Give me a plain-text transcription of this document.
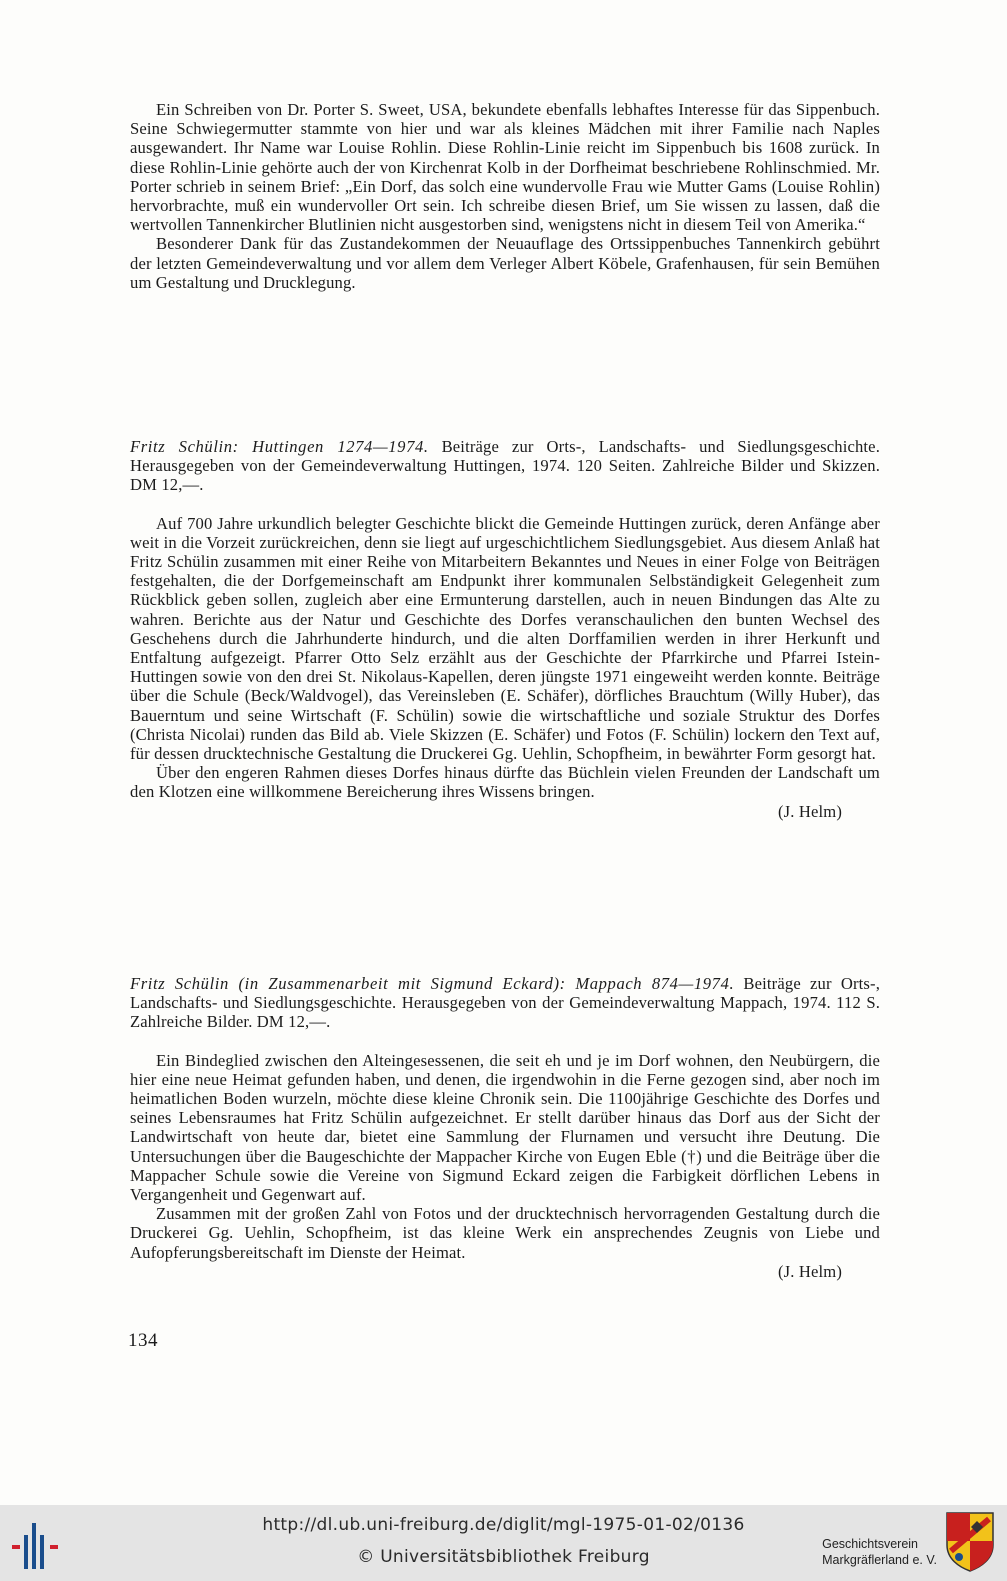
Ein Schreiben von Dr. Porter S. Sweet, USA, bekundete ebenfalls lebhaftes Interesse für das Sippenbuch. Seine Schwiegermutter stammte von hier und war als kleines Mädchen mit ihrer Familie nach Naples ausgewandert. Ihr Name war Louise Rohlin. Diese Rohlin-Linie reicht im Sippenbuch bis 1608 zurück. In diese Rohlin-Linie gehörte auch der von Kirchenrat Kolb in der Dorfheimat beschriebene Rohlinschmied. Mr. Porter schrieb in seinem Brief: „Ein Dorf, das solch eine wundervolle Frau wie Mutter Gams (Louise Rohlin) hervorbrachte, muß ein wundervoller Ort sein. Ich schreibe diesen Brief, um Sie wissen zu lassen, daß die wertvollen Tannenkircher Blutlinien nicht ausgestorben sind, wenigstens nicht in diesem Teil von Amerika.“

Besonderer Dank für das Zustandekommen der Neuauflage des Ortssippenbuches Tannenkirch gebührt der letzten Gemeindeverwaltung und vor allem dem Verleger Albert Köbele, Grafenhausen, für sein Bemühen um Gestaltung und Drucklegung.

Fritz Schülin: Huttingen 1274—1974. Beiträge zur Orts-, Landschafts- und Siedlungsgeschichte. Herausgegeben von der Gemeindeverwaltung Huttingen, 1974. 120 Seiten. Zahlreiche Bilder und Skizzen. DM 12,—.

Auf 700 Jahre urkundlich belegter Geschichte blickt die Gemeinde Huttingen zurück, deren Anfänge aber weit in die Vorzeit zurückreichen, denn sie liegt auf urgeschichtlichem Siedlungsgebiet. Aus diesem Anlaß hat Fritz Schülin zusammen mit einer Reihe von Mitarbeitern Bekanntes und Neues in einer Folge von Beiträgen festgehalten, die der Dorfgemeinschaft am Endpunkt ihrer kommunalen Selbständigkeit Gelegenheit zum Rückblick geben sollen, zugleich aber eine Ermunterung darstellen, auch in neuen Bindungen das Alte zu wahren. Berichte aus der Natur und Geschichte des Dorfes veranschaulichen den bunten Wechsel des Geschehens durch die Jahrhunderte hindurch, und die alten Dorffamilien werden in ihrer Herkunft und Entfaltung aufgezeigt. Pfarrer Otto Selz erzählt aus der Geschichte der Pfarrkirche und Pfarrei Istein-Huttingen sowie von den drei St. Nikolaus-Kapellen, deren jüngste 1971 eingeweiht werden konnte. Beiträge über die Schule (Beck/Waldvogel), das Vereinsleben (E. Schäfer), dörfliches Brauchtum (Willy Huber), das Bauerntum und seine Wirtschaft (F. Schülin) sowie die wirtschaftliche und soziale Struktur des Dorfes (Christa Nicolai) runden das Bild ab. Viele Skizzen (E. Schäfer) und Fotos (F. Schülin) lockern den Text auf, für dessen drucktechnische Gestaltung die Druckerei Gg. Uehlin, Schopfheim, in bewährter Form gesorgt hat.

Über den engeren Rahmen dieses Dorfes hinaus dürfte das Büchlein vielen Freunden der Landschaft um den Klotzen eine willkommene Bereicherung ihres Wissens bringen.

(J. Helm)

Fritz Schülin (in Zusammenarbeit mit Sigmund Eckard): Mappach 874—1974. Beiträge zur Orts-, Landschafts- und Siedlungsgeschichte. Herausgegeben von der Gemeindeverwaltung Mappach, 1974. 112 S. Zahlreiche Bilder. DM 12,—.

Ein Bindeglied zwischen den Alteingesessenen, die seit eh und je im Dorf wohnen, den Neubürgern, die hier eine neue Heimat gefunden haben, und denen, die irgendwohin in die Ferne gezogen sind, aber noch im heimatlichen Boden wurzeln, möchte diese kleine Chronik sein. Die 1100jährige Geschichte des Dorfes und seines Lebensraumes hat Fritz Schülin aufgezeichnet. Er stellt darüber hinaus das Dorf aus der Sicht der Landwirtschaft von heute dar, bietet eine Sammlung der Flurnamen und versucht ihre Deutung. Die Untersuchungen über die Baugeschichte der Mappacher Kirche von Eugen Eble (†) und die Beiträge über die Mappacher Schule sowie die Vereine von Sigmund Eckard zeigen die Farbigkeit dörflichen Lebens in Vergangenheit und Gegenwart auf.

Zusammen mit der großen Zahl von Fotos und der drucktechnisch hervorragenden Gestaltung durch die Druckerei Gg. Uehlin, Schopfheim, ist das kleine Werk ein ansprechendes Zeugnis von Liebe und Aufopferungsbereitschaft im Dienste der Heimat.

(J. Helm)

134
http://dl.ub.uni-freiburg.de/diglit/mgl-1975-01-02/0136
© Universitätsbibliothek Freiburg
Geschichtsverein
Markgräflerland e. V.
